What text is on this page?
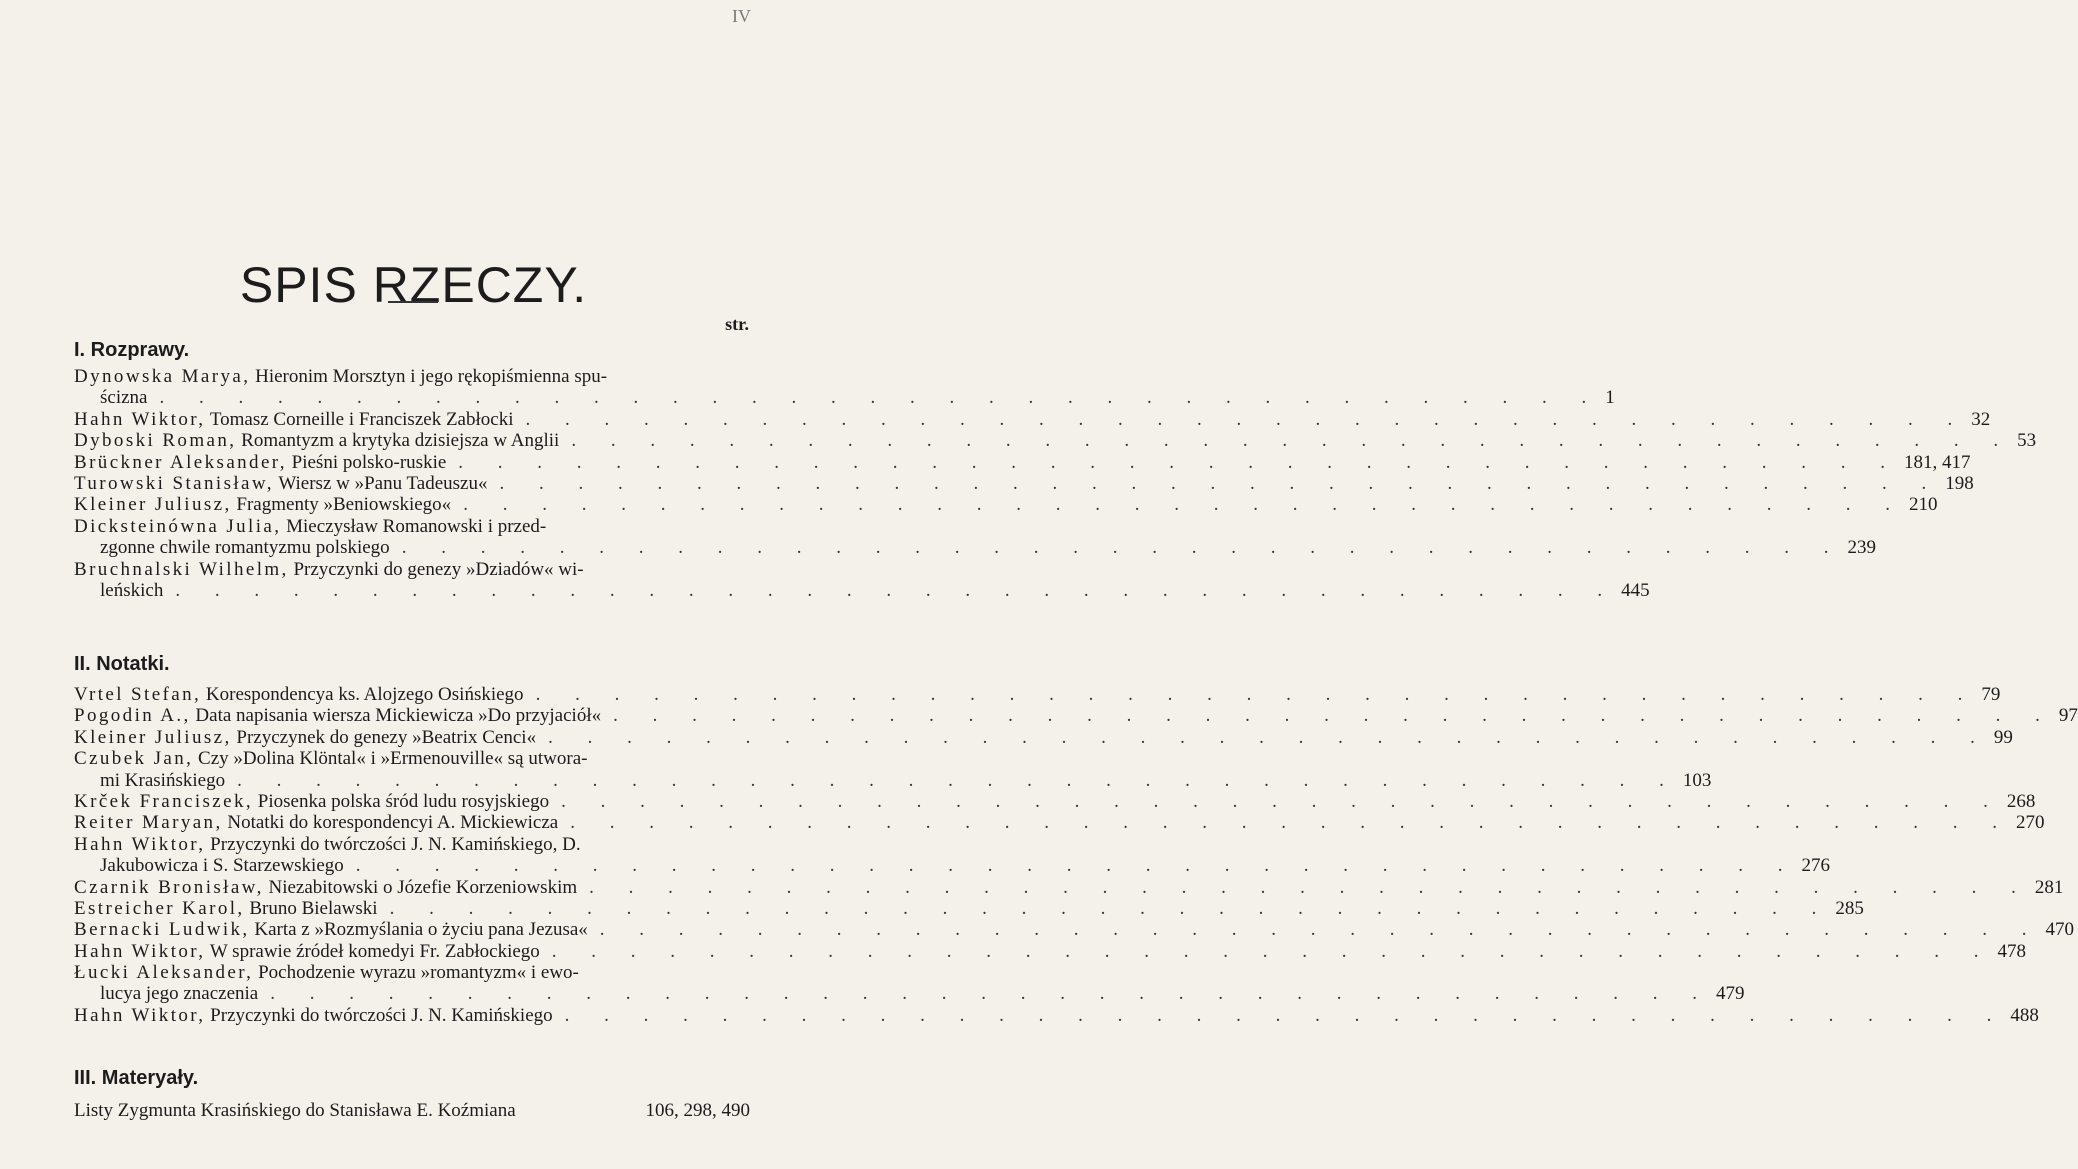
IV
SPIS RZECZY.
str.
I. Rozprawy.
Dynowska Marya, Hieronim Morsztyn i jego rękopiśmienna spu-
ścizna . . .	1
Hahn Wiktor, Tomasz Corneille i Franciszek Zabłocki . . .	32
Dyboski Roman, Romantyzm a krytyka dzisiejsza w Anglii . . .	53
Brückner Aleksander, Pieśni polsko-ruskie . . .	181, 417
Turowski Stanisław, Wiersz w »Panu Tadeuszu« . . .	198
Kleiner Juliusz, Fragmenty »Beniowskiego« . . .	210
Dicksteinówna Julia, Mieczysław Romanowski i przed-
zgonne chwile romantyzmu polskiego . . .	239
Bruchnalski Wilhelm, Przyczynki do genezy »Dziadów« wi-
leńskich . . .	445
II. Notatki.
Vrtel Stefan, Korespondencya ks. Alojzego Osińskiego . . .	79
Pogodin A., Data napisania wiersza Mickiewicza »Do przyjaciół« . . .	97
Kleiner Juliusz, Przyczynek do genezy »Beatrix Cenci« . . .	99
Czubek Jan, Czy »Dolina Klöntal« i »Ermenouville« są utwora-
mi Krasińskiego . . .	103
Krček Franciszek, Piosenka polska śród ludu rosyjskiego . . .	268
Reiter Maryan, Notatki do korespondencyi A. Mickiewicza . . .	270
Hahn Wiktor, Przyczynki do twórczości J. N. Kamińskiego, D.
Jakubowicza i S. Starzewskiego . . .	276
Czarnik Bronisław, Niezabitowski o Józefie Korzeniowskim . . .	281
Estreicher Karol, Bruno Bielawski . . .	285
Bernacki Ludwik, Karta z »Rozmyślania o życiu pana Jezusa« . . .	470
Hahn Wiktor, W sprawie źródeł komedyi Fr. Zabłockiego . . .	478
Łucki Aleksander, Pochodzenie wyrazu »romantyzm« i ewo-
lucya jego znaczenia . . .	479
Hahn Wiktor, Przyczynki do twórczości J. N. Kamińskiego . . .	488
III. Materyały.
Listy Zygmunta Krasińskiego do Stanisława E. Koźmiana	106, 298, 490
